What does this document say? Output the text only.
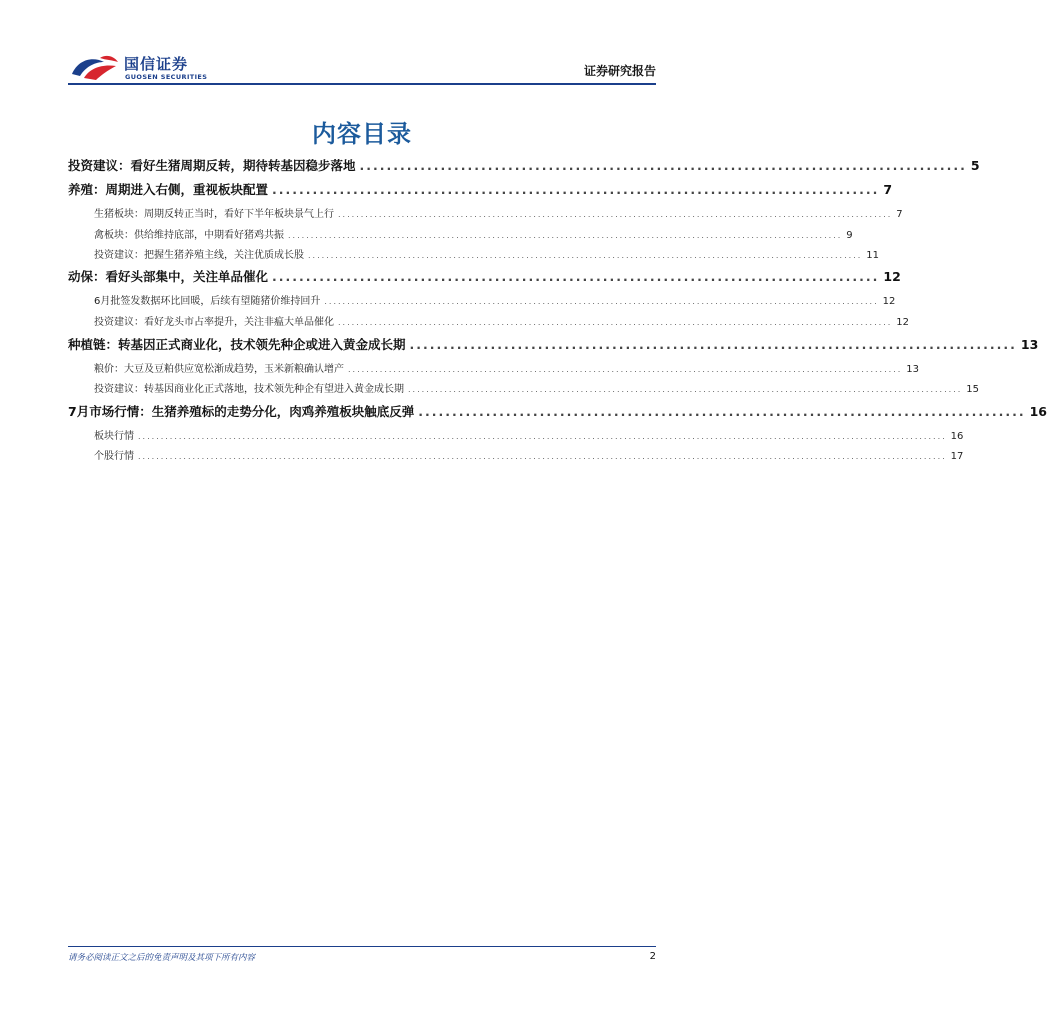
国信证券
GUOSEN SECURITIES	证券研究报告
内容目录
投资建议：看好生猪周期反转，期待转基因稳步落地 .......................................................................................... 5
养殖：周期进入右侧，重视板块配置 .......................................................................................... 7
生猪板块：周期反转正当时，看好下半年板块景气上行 .......................................................................................................................... 7
禽板块：供给维持底部，中期看好猪鸡共振 .......................................................................................................................... 9
投资建议：把握生猪养殖主线，关注优质成长股 .......................................................................................................................... 11
动保：看好头部集中，关注单品催化 .......................................................................................... 12
6月批签发数据环比回暖，后续有望随猪价维持回升 .......................................................................................................................... 12
投资建议：看好龙头市占率提升，关注非瘟大单品催化 .......................................................................................................................... 12
种植链：转基因正式商业化，技术领先种企或进入黄金成长期 .......................................................................................... 13
粮价：大豆及豆粕供应宽松渐成趋势，玉米新粮确认增产 .......................................................................................................................... 13
投资建议：转基因商业化正式落地，技术领先种企有望进入黄金成长期 .......................................................................................................................... 15
7月市场行情：生猪养殖标的走势分化，肉鸡养殖板块触底反弹 .......................................................................................... 16
板块行情 .................................................................................................................................................................................. 16
个股行情 .................................................................................................................................................................................. 17
请务必阅读正文之后的免责声明及其项下所有内容	2
